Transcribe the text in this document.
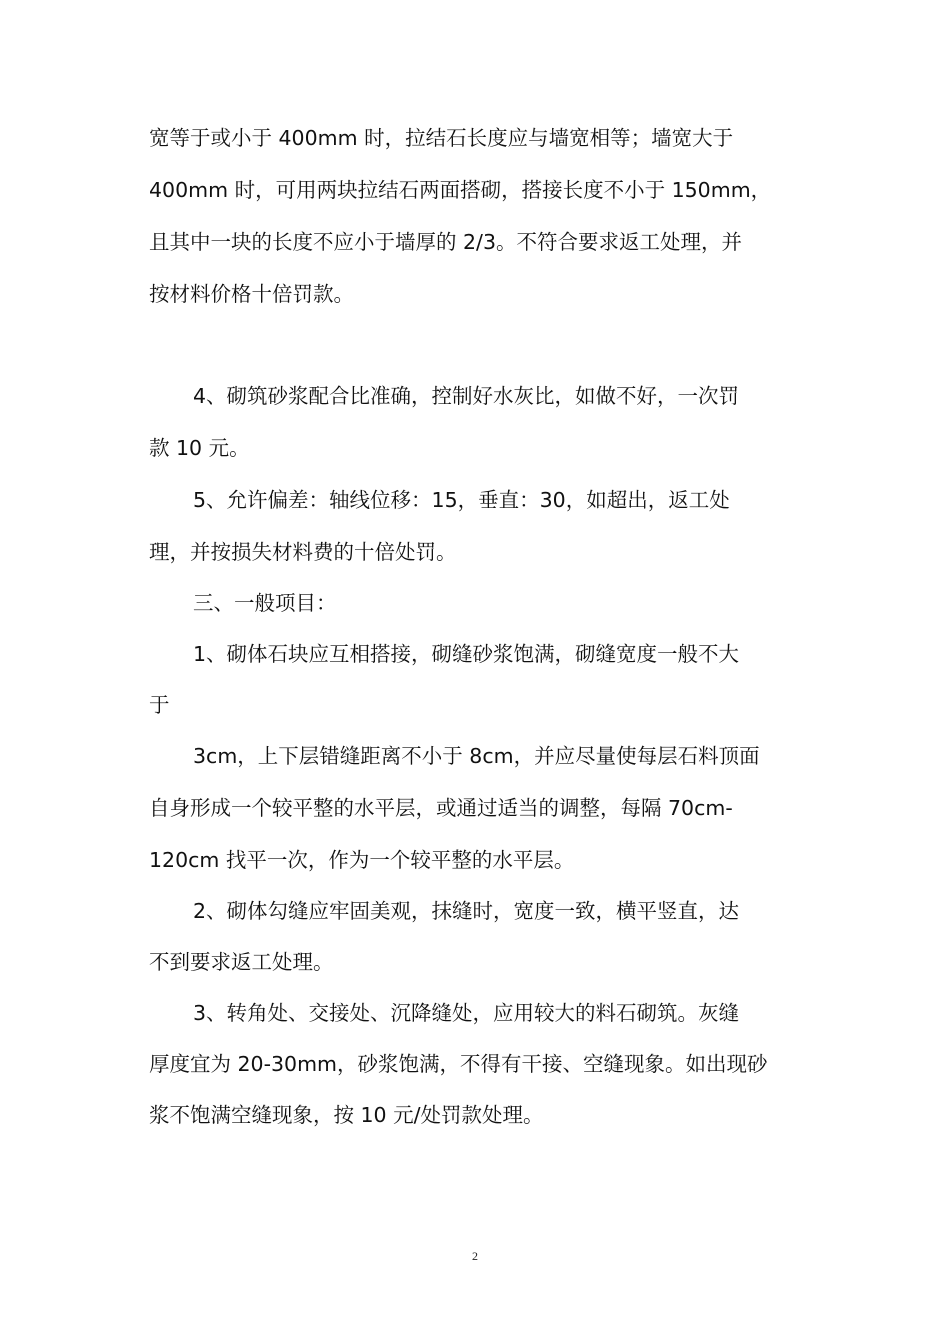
宽等于或小于 400mm 时，拉结石长度应与墙宽相等；墙宽大于
400mm 时，可用两块拉结石两面搭砌，搭接长度不小于 150mm，
且其中一块的长度不应小于墙厚的 2/3。不符合要求返工处理，并
按材料价格十倍罚款。
4、砌筑砂浆配合比准确，控制好水灰比，如做不好，一次罚
款 10 元。
5、允许偏差：轴线位移：15，垂直：30，如超出，返工处
理，并按损失材料费的十倍处罚。
三、一般项目：
1、砌体石块应互相搭接，砌缝砂浆饱满，砌缝宽度一般不大
于
3cm，上下层错缝距离不小于 8cm，并应尽量使每层石料顶面
自身形成一个较平整的水平层，或通过适当的调整，每隔 70cm-
120cm 找平一次，作为一个较平整的水平层。
2、砌体勾缝应牢固美观，抹缝时，宽度一致，横平竖直，达
不到要求返工处理。
3、转角处、交接处、沉降缝处，应用较大的料石砌筑。灰缝
厚度宜为 20-30mm，砂浆饱满，不得有干接、空缝现象。如出现砂
浆不饱满空缝现象，按 10 元/处罚款处理。
2
